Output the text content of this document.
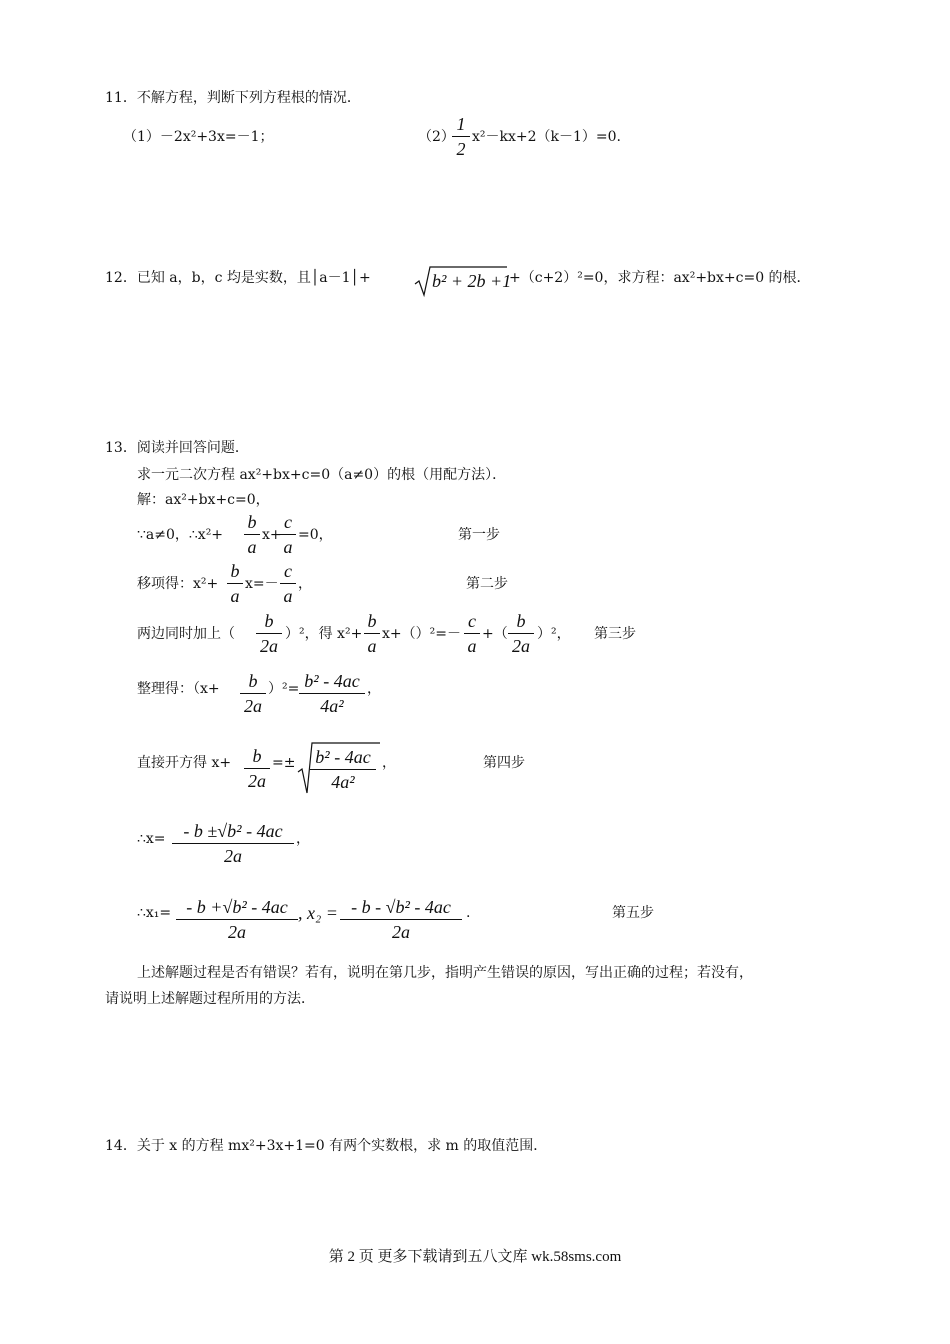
11．不解方程，判断下列方程根的情况．
（1）－2x²+3x=－1；	（2）
1
2
x²－kx+2（k－1）=0.
12．已知 a，b，c 均是实数，且│a－1│+	b² + 2b +1
+（c+2）²=0，求方程：ax²+bx+c=0 的根．
13．阅读并回答问题．
求一元二次方程 ax²+bx+c=0（a≠0）的根（用配方法）．
解：ax²+bx+c=0，
∵a≠0，∴x²+
b
a
x+
c
a
=0，	第一步
移项得：x²+
b
a
x=－
c
a
，	第二步
两边同时加上（
b
2a
）²，得 x²+
b
a
x+（）²=－
c
a
+（
b
2a
）²， 第三步
整理得：（x+	b
2a
）²= b² - 4ac
4a²
，
直接开方得 x+	b
2a
=± b² - 4ac
4a²
，	第四步
∴x= - b ±√b² - 4ac
2a
，
∴x₁= - b +√b² - 4ac
2a
, x₂ = - b - √b² - 4ac
2a
.	第五步
上述解题过程是否有错误？若有，说明在第几步，指明产生错误的原因，写出正确的过程；若没有，
请说明上述解题过程所用的方法．
14．关于 x 的方程 mx²+3x+1=0 有两个实数根，求 m 的取值范围．
第 2 页 更多下载请到五八文库 wk.58sms.com
